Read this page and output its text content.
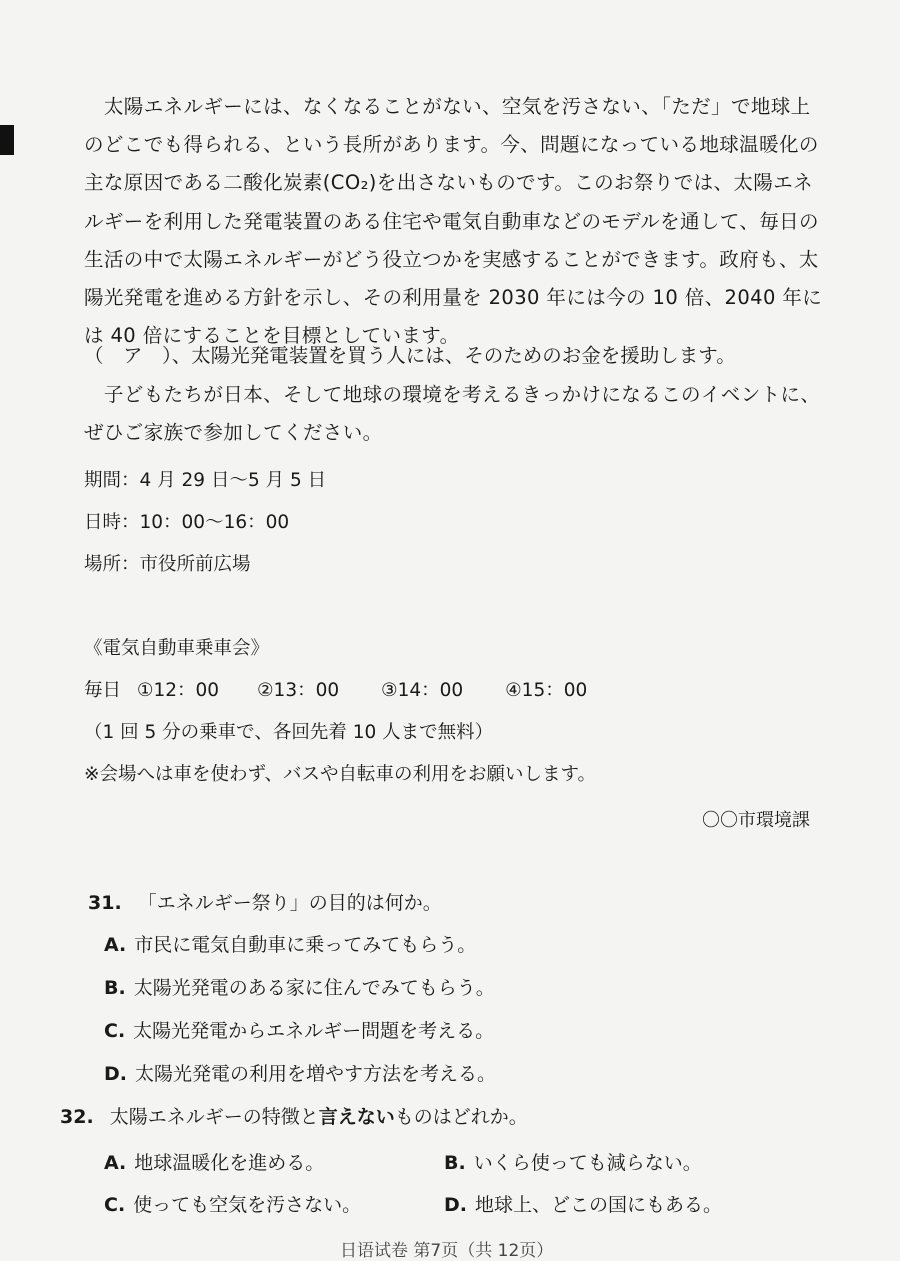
　太陽エネルギーには、なくなることがない、空気を汚さない、「ただ」で地球上のどこでも得られる、という長所があります。今、問題になっている地球温暖化の主な原因である二酸化炭素(CO₂)を出さないものです。このお祭りでは、太陽エネルギーを利用した発電装置のある住宅や電気自動車などのモデルを通して、毎日の生活の中で太陽エネルギーがどう役立つかを実感することができます。政府も、太陽光発電を進める方針を示し、その利用量を 2030 年には今の 10 倍、2040 年には 40 倍にすることを目標としています。
（　ア　）、太陽光発電装置を買う人には、そのためのお金を援助します。
　子どもたちが日本、そして地球の環境を考えるきっかけになるこのイベントに、ぜひご家族で参加してください。
期間：4 月 29 日～5 月 5 日
日時：10：00～16：00
場所：市役所前広場
《電気自動車乗車会》
毎日 ①12：00 ②13：00 ③14：00 ④15：00
（1 回 5 分の乗車で、各回先着 10 人まで無料）
※会場へは車を使わず、バスや自転車の利用をお願いします。
〇〇市環境課
31. 「エネルギー祭り」の目的は何か。
A. 市民に電気自動車に乗ってみてもらう。
B. 太陽光発電のある家に住んでみてもらう。
C. 太陽光発電からエネルギー問題を考える。
D. 太陽光発電の利用を増やす方法を考える。
32. 太陽エネルギーの特徴と言えないものはどれか。
A. 地球温暖化を進める。	B. いくら使っても減らない。
C. 使っても空気を汚さない。	D. 地球上、どこの国にもある。
日语试卷 第7页（共 12页）
